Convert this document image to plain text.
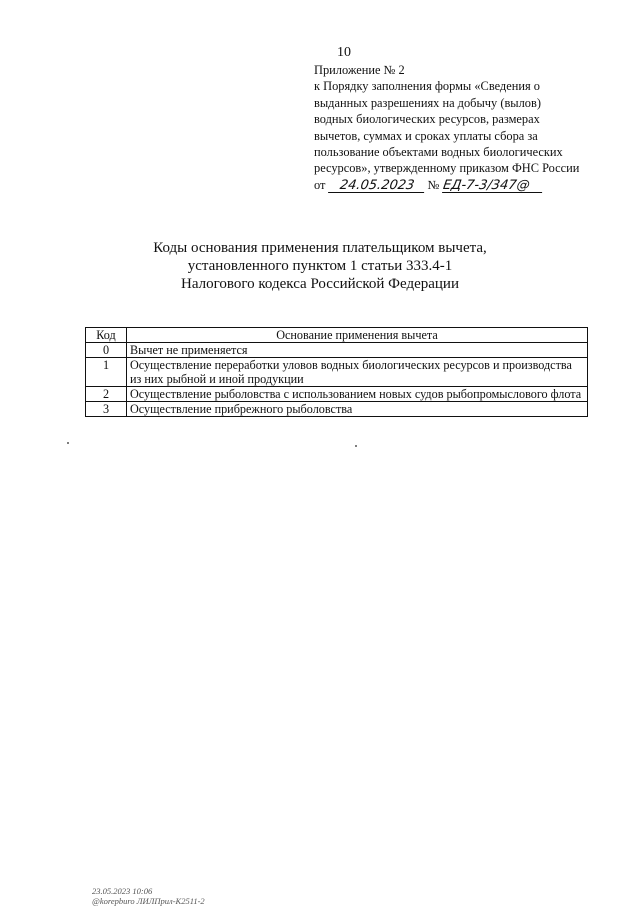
10
Приложение № 2
к Порядку заполнения формы «Сведения о
выданных разрешениях на добычу (вылов)
водных биологических ресурсов, размерах
вычетов, суммах и сроках уплаты сбора за
пользование объектами водных биологических
ресурсов», утвержденному приказом ФНС России
от 24.05.2023 № ЕД-7-3/347@
Коды основания применения плательщиком вычета,
установленного пунктом 1 статьи 333.4-1
Налогового кодекса Российской Федерации
Код	Основание применения вычета
0	Вычет не применяется
1	Осуществление переработки уловов водных биологических ресурсов и производства из них рыбной и иной продукции
2	Осуществление рыболовства с использованием новых судов рыбопромыслового флота
3	Осуществление прибрежного рыболовства
23.05.2023 10:06
@korepburo ЛИЛПрил-К2511-2
